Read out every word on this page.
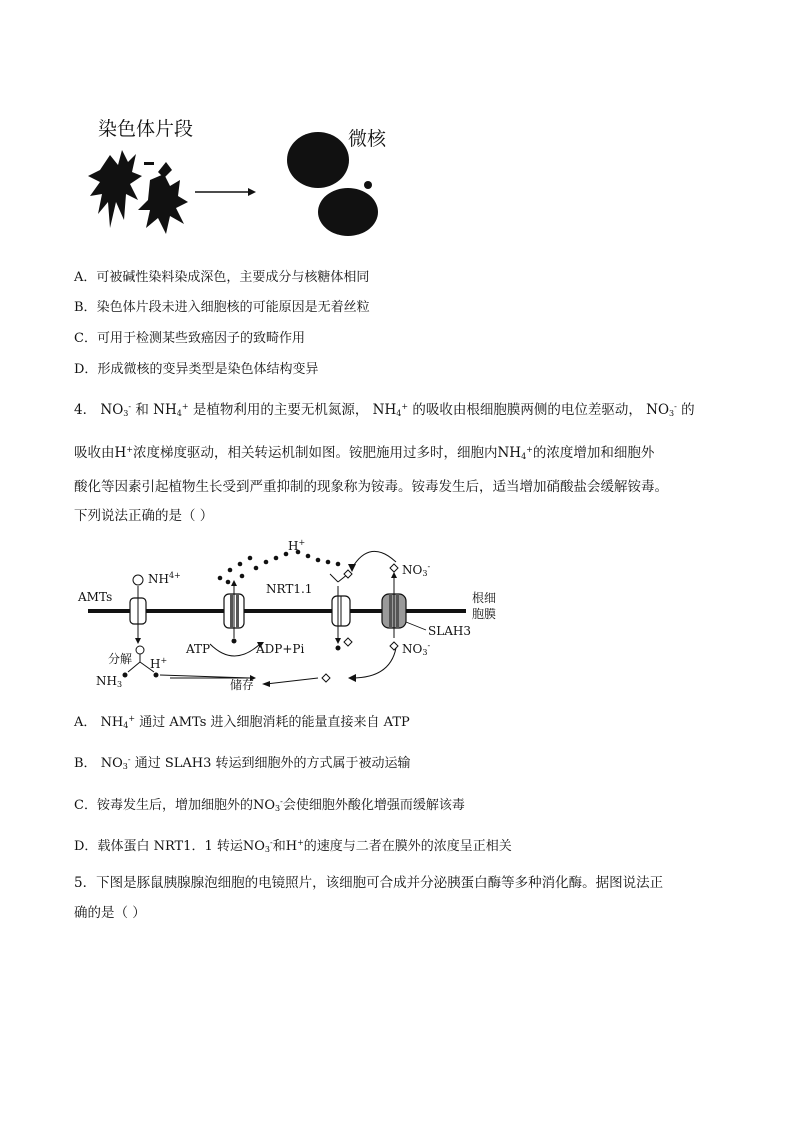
染色体片段	微核
A．可被碱性染料染成深色，主要成分与核糖体相同
B．染色体片段未进入细胞核的可能原因是无着丝粒
C．可用于检测某些致癌因子的致畸作用
D．形成微核的变异类型是染色体结构变异
4． $NO_3^-$ 和 $NH_4^+$ 是植物利用的主要无机氮源， $NH_4^+$ 的吸收由根细胞膜两侧的电位差驱动， $NO_3^-$ 的
吸收由H+浓度梯度驱动，相关转运机制如图。铵肥施用过多时，细胞内$NH_4^+$的浓度增加和细胞外
酸化等因素引起植物生长受到严重抑制的现象称为铵毒。铵毒发生后，适当增加硝酸盐会缓解铵毒。
下列说法正确的是（ ）
AMTs
$NH^{4+}$
H+
NRT1.1
$NO_3^-$
根细
胞膜
SLAH3
$NO_3^-$
ATP	ADP+Pi
分解 H+
$NH_3$	储存
A． $NH_4^+$ 通过 AMTs 进入细胞消耗的能量直接来自 ATP
B． $NO_3^-$ 通过 SLAH3 转运到细胞外的方式属于被动运输
C．铵毒发生后，增加细胞外的$NO_3^-$会使细胞外酸化增强而缓解该毒
D．载体蛋白 NRT1．1 转运$NO_3^-$和H+的速度与二者在膜外的浓度呈正相关
5．下图是豚鼠胰腺腺泡细胞的电镜照片，该细胞可合成并分泌胰蛋白酶等多种消化酶。据图说法正
确的是（ ）
